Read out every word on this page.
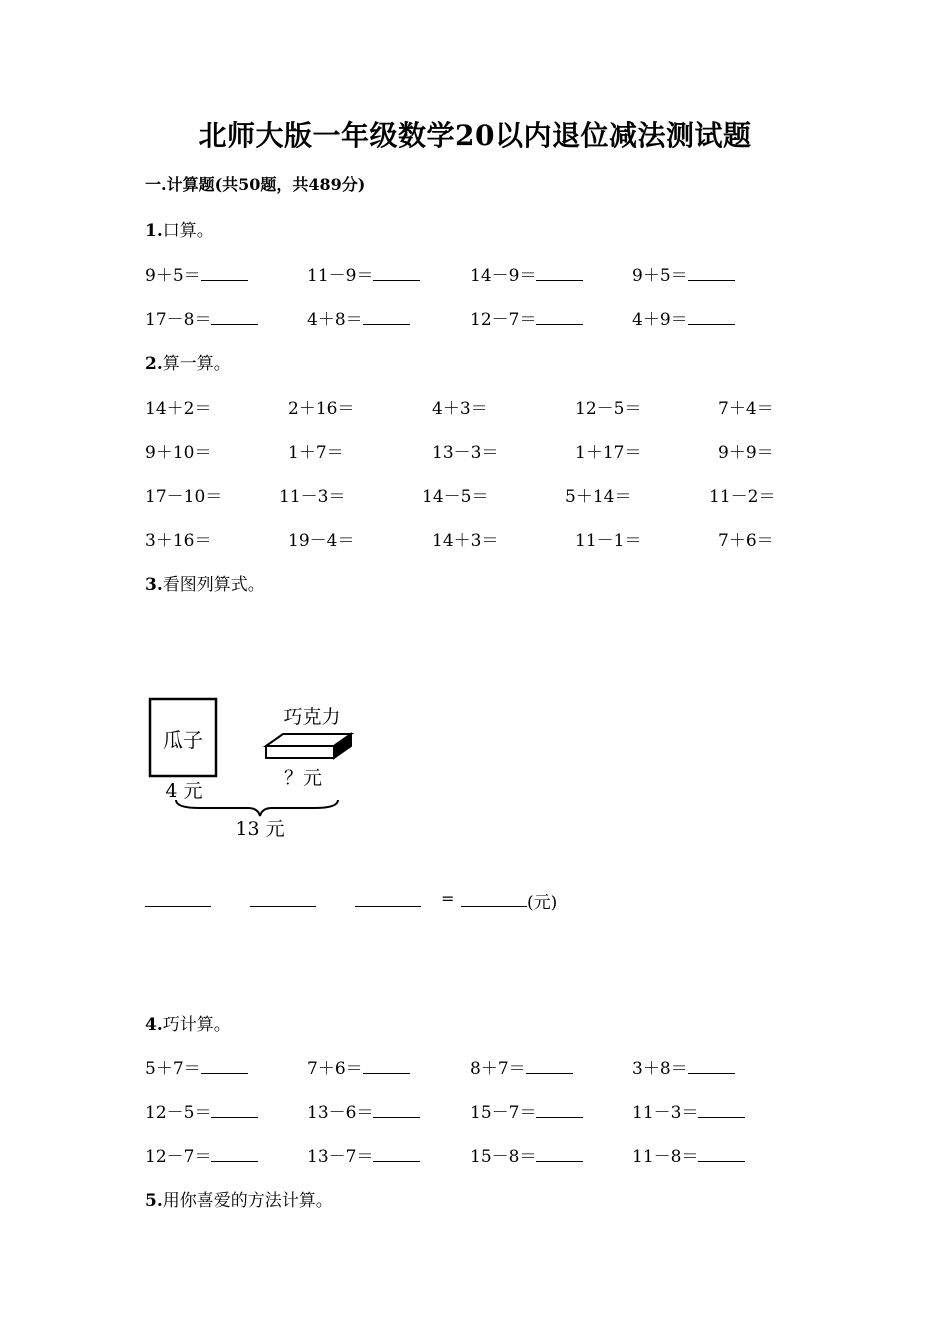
北师大版一年级数学20以内退位减法测试题
一.计算题(共50题，共489分)
1.口算。
9＋5＝	11－9＝	14－9＝	9＋5＝
17－8＝	4＋8＝	12－7＝	4＋9＝
2.算一算。
14＋2＝	2＋16＝	4＋3＝	12－5＝	7＋4＝
9＋10＝	1＋7＝	13－3＝	1＋17＝	9＋9＝
17－10＝	11－3＝	14－5＝	5＋14＝	11－2＝
3＋16＝	19－4＝	14＋3＝	11－1＝	7＋6＝
3.看图列算式。
瓜子
4 元
巧克力
？元
13 元
=	(元)
4.巧计算。
5＋7＝	7＋6＝	8＋7＝	3＋8＝
12－5＝	13－6＝	15－7＝	11－3＝
12－7＝	13－7＝	15－8＝	11－8＝
5.用你喜爱的方法计算。
